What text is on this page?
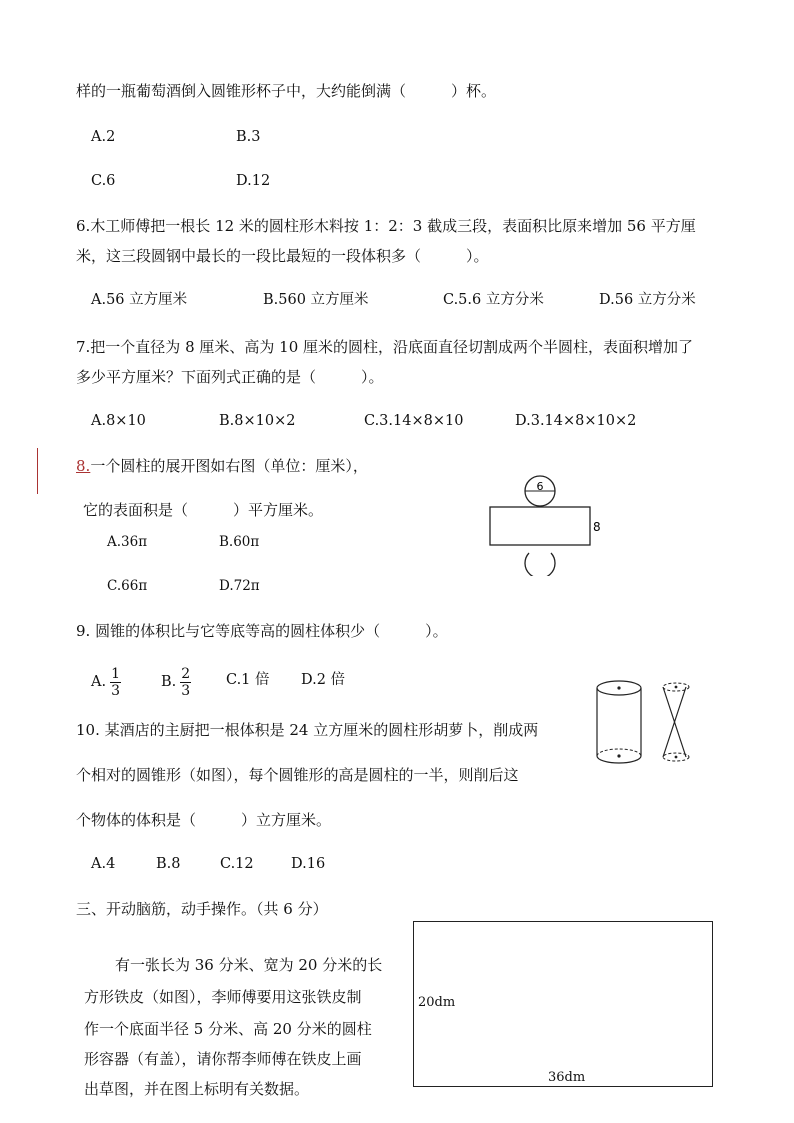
样的一瓶葡萄酒倒入圆锥形杯子中，大约能倒满（　　　）杯。
A.2	B.3
C.6	D.12
6.木工师傅把一根长 12 米的圆柱形木料按 1：2：3 截成三段，表面积比原来增加 56 平方厘
米，这三段圆钢中最长的一段比最短的一段体积多（　　　）。
A.56 立方厘米	B.560 立方厘米	C.5.6 立方分米	D.56 立方分米
7.把一个直径为 8 厘米、高为 10 厘米的圆柱，沿底面直径切割成两个半圆柱，表面积增加了
多少平方厘米？下面列式正确的是（　　　）。
A.8×10	B.8×10×2	C.3.14×8×10	D.3.14×8×10×2
8.一个圆柱的展开图如右图（单位：厘米），
它的表面积是（　　　）平方厘米。
A.36π	B.60π
C.66π	D.72π
6
8
9. 圆锥的体积比与它等底等高的圆柱体积少（　　　）。
A. $\frac{1}{3}$	B. $\frac{2}{3} C.1$ 倍 D.2 倍
10. 某酒店的主厨把一根体积是 24 立方厘米的圆柱形胡萝卜，削成两
个相对的圆锥形（如图），每个圆锥形的高是圆柱的一半，则削后这
个物体的体积是（　　　）立方厘米。
A.4	B.8	C.12	D.16
三、开动脑筋，动手操作。（共 6 分）
有一张长为 36 分米、宽为 20 分米的长
方形铁皮（如图），李师傅要用这张铁皮制
作一个底面半径 5 分米、高 20 分米的圆柱
形容器（有盖），请你帮李师傅在铁皮上画
出草图，并在图上标明有关数据。
20dm
36dm
